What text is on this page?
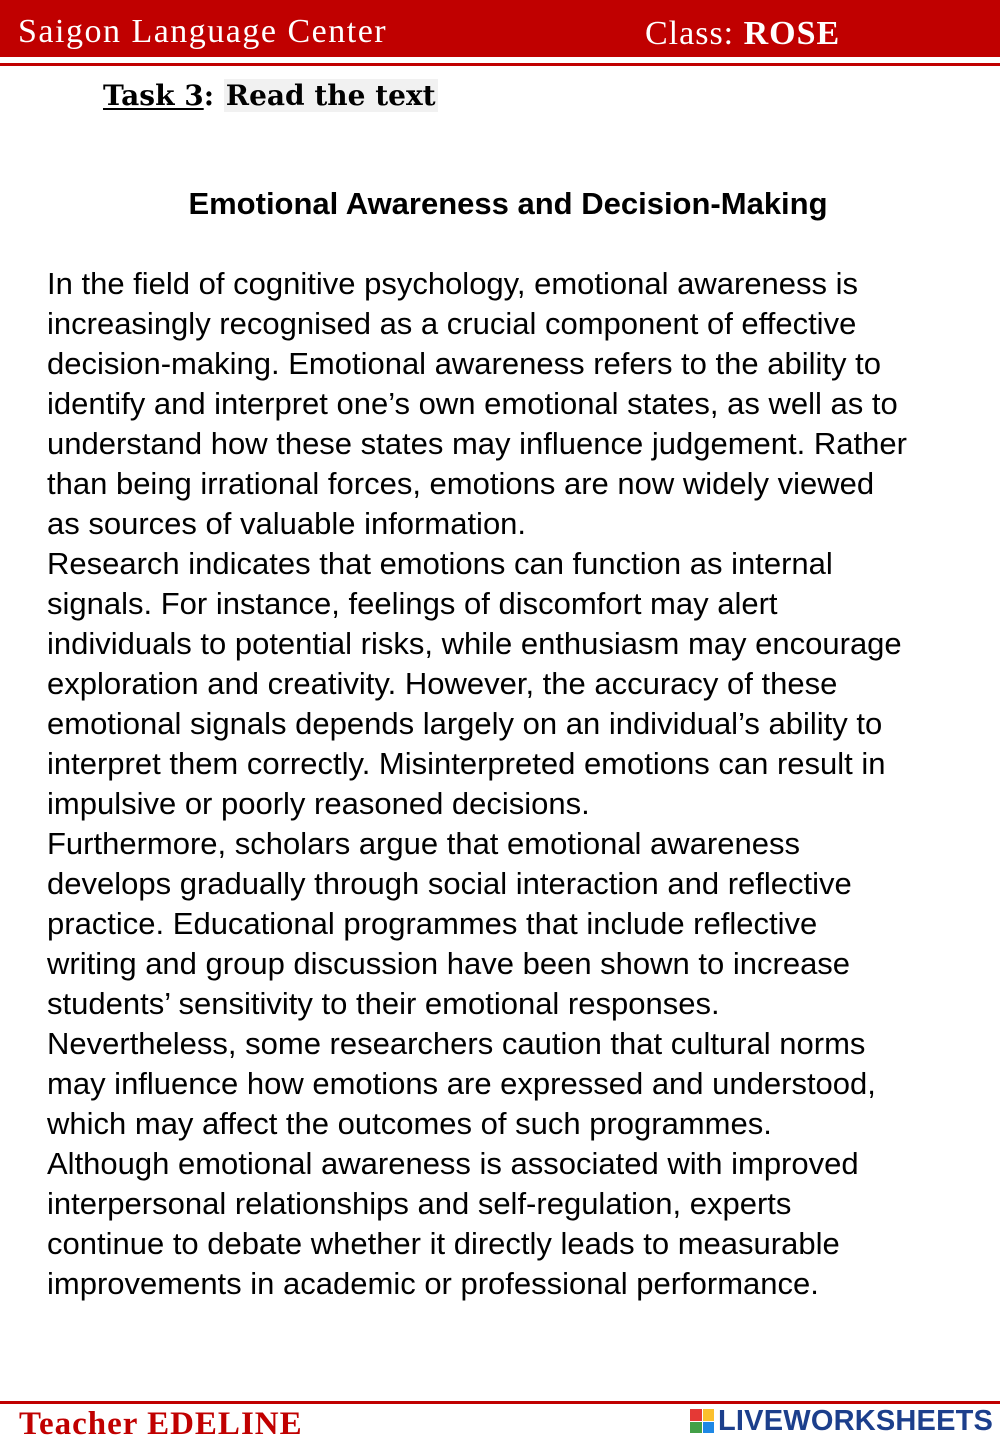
Saigon Language Center	Class: ROSE
Task 3: Read the text
Emotional Awareness and Decision-Making
In the field of cognitive psychology, emotional awareness is
increasingly recognised as a crucial component of effective
decision-making. Emotional awareness refers to the ability to
identify and interpret one’s own emotional states, as well as to
understand how these states may influence judgement. Rather
than being irrational forces, emotions are now widely viewed
as sources of valuable information.
Research indicates that emotions can function as internal
signals. For instance, feelings of discomfort may alert
individuals to potential risks, while enthusiasm may encourage
exploration and creativity. However, the accuracy of these
emotional signals depends largely on an individual’s ability to
interpret them correctly. Misinterpreted emotions can result in
impulsive or poorly reasoned decisions.
Furthermore, scholars argue that emotional awareness
develops gradually through social interaction and reflective
practice. Educational programmes that include reflective
writing and group discussion have been shown to increase
students’ sensitivity to their emotional responses.
Nevertheless, some researchers caution that cultural norms
may influence how emotions are expressed and understood,
which may affect the outcomes of such programmes.
Although emotional awareness is associated with improved
interpersonal relationships and self-regulation, experts
continue to debate whether it directly leads to measurable
improvements in academic or professional performance.
Teacher EDELINE	LIVEWORKSHEETS
